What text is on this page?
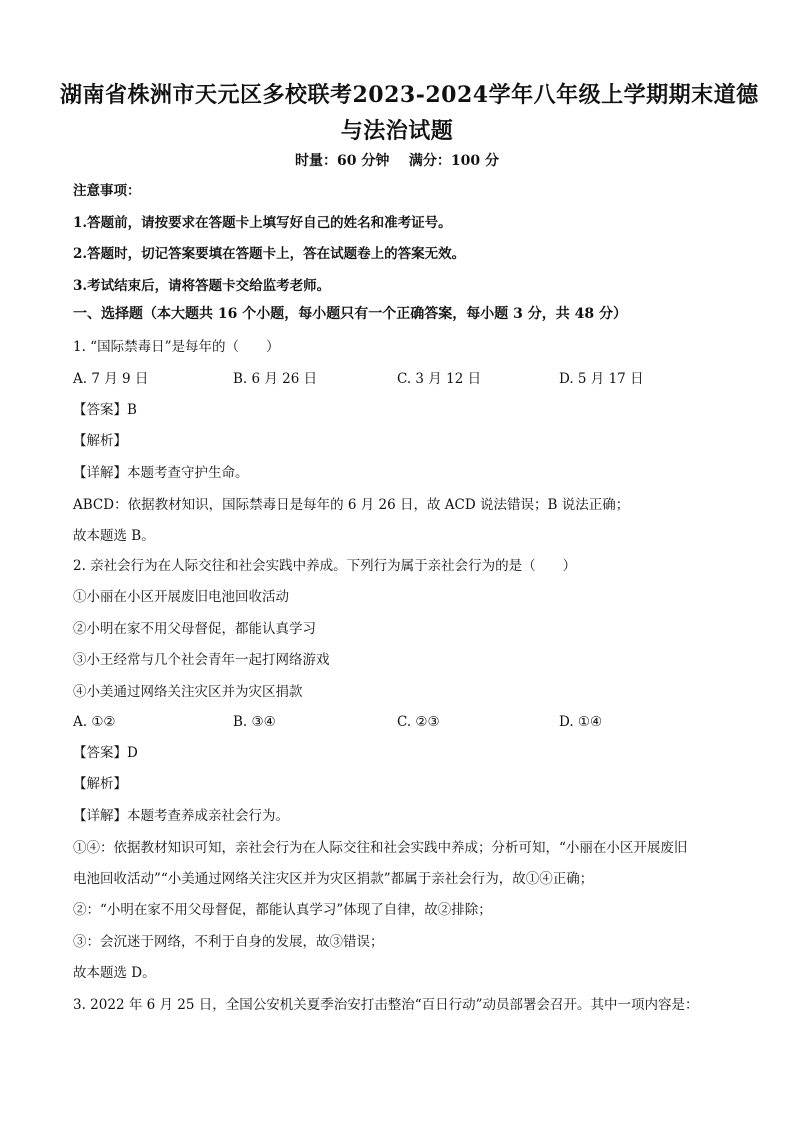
湖南省株洲市天元区多校联考2023-2024学年八年级上学期期末道德
与法治试题
时量：60 分钟    满分：100 分
注意事项：
1.答题前，请按要求在答题卡上填写好自己的姓名和准考证号。
2.答题时，切记答案要填在答题卡上，答在试题卷上的答案无效。
3.考试结束后，请将答题卡交给监考老师。
一、选择题（本大题共 16 个小题，每小题只有一个正确答案，每小题 3 分，共 48 分）
1. “国际禁毒日”是每年的（　　）
A. 7 月 9 日	B. 6 月 26 日	C. 3 月 12 日	D. 5 月 17 日
【答案】B
【解析】
【详解】本题考查守护生命。
ABCD：依据教材知识，国际禁毒日是每年的 6 月 26 日，故 ACD 说法错误；B 说法正确；
故本题选 B。
2. 亲社会行为在人际交往和社会实践中养成。下列行为属于亲社会行为的是（　　）
①小丽在小区开展废旧电池回收活动
②小明在家不用父母督促，都能认真学习
③小王经常与几个社会青年一起打网络游戏
④小美通过网络关注灾区并为灾区捐款
A. ①②	B. ③④	C. ②③	D. ①④
【答案】D
【解析】
【详解】本题考查养成亲社会行为。
①④：依据教材知识可知，亲社会行为在人际交往和社会实践中养成；分析可知，“小丽在小区开展废旧
电池回收活动”“小美通过网络关注灾区并为灾区捐款”都属于亲社会行为，故①④正确；
②：“小明在家不用父母督促，都能认真学习”体现了自律，故②排除；
③：会沉迷于网络，不利于自身的发展，故③错误；
故本题选 D。
3. 2022 年 6 月 25 日，全国公安机关夏季治安打击整治“百日行动”动员部署会召开。其中一项内容是：
